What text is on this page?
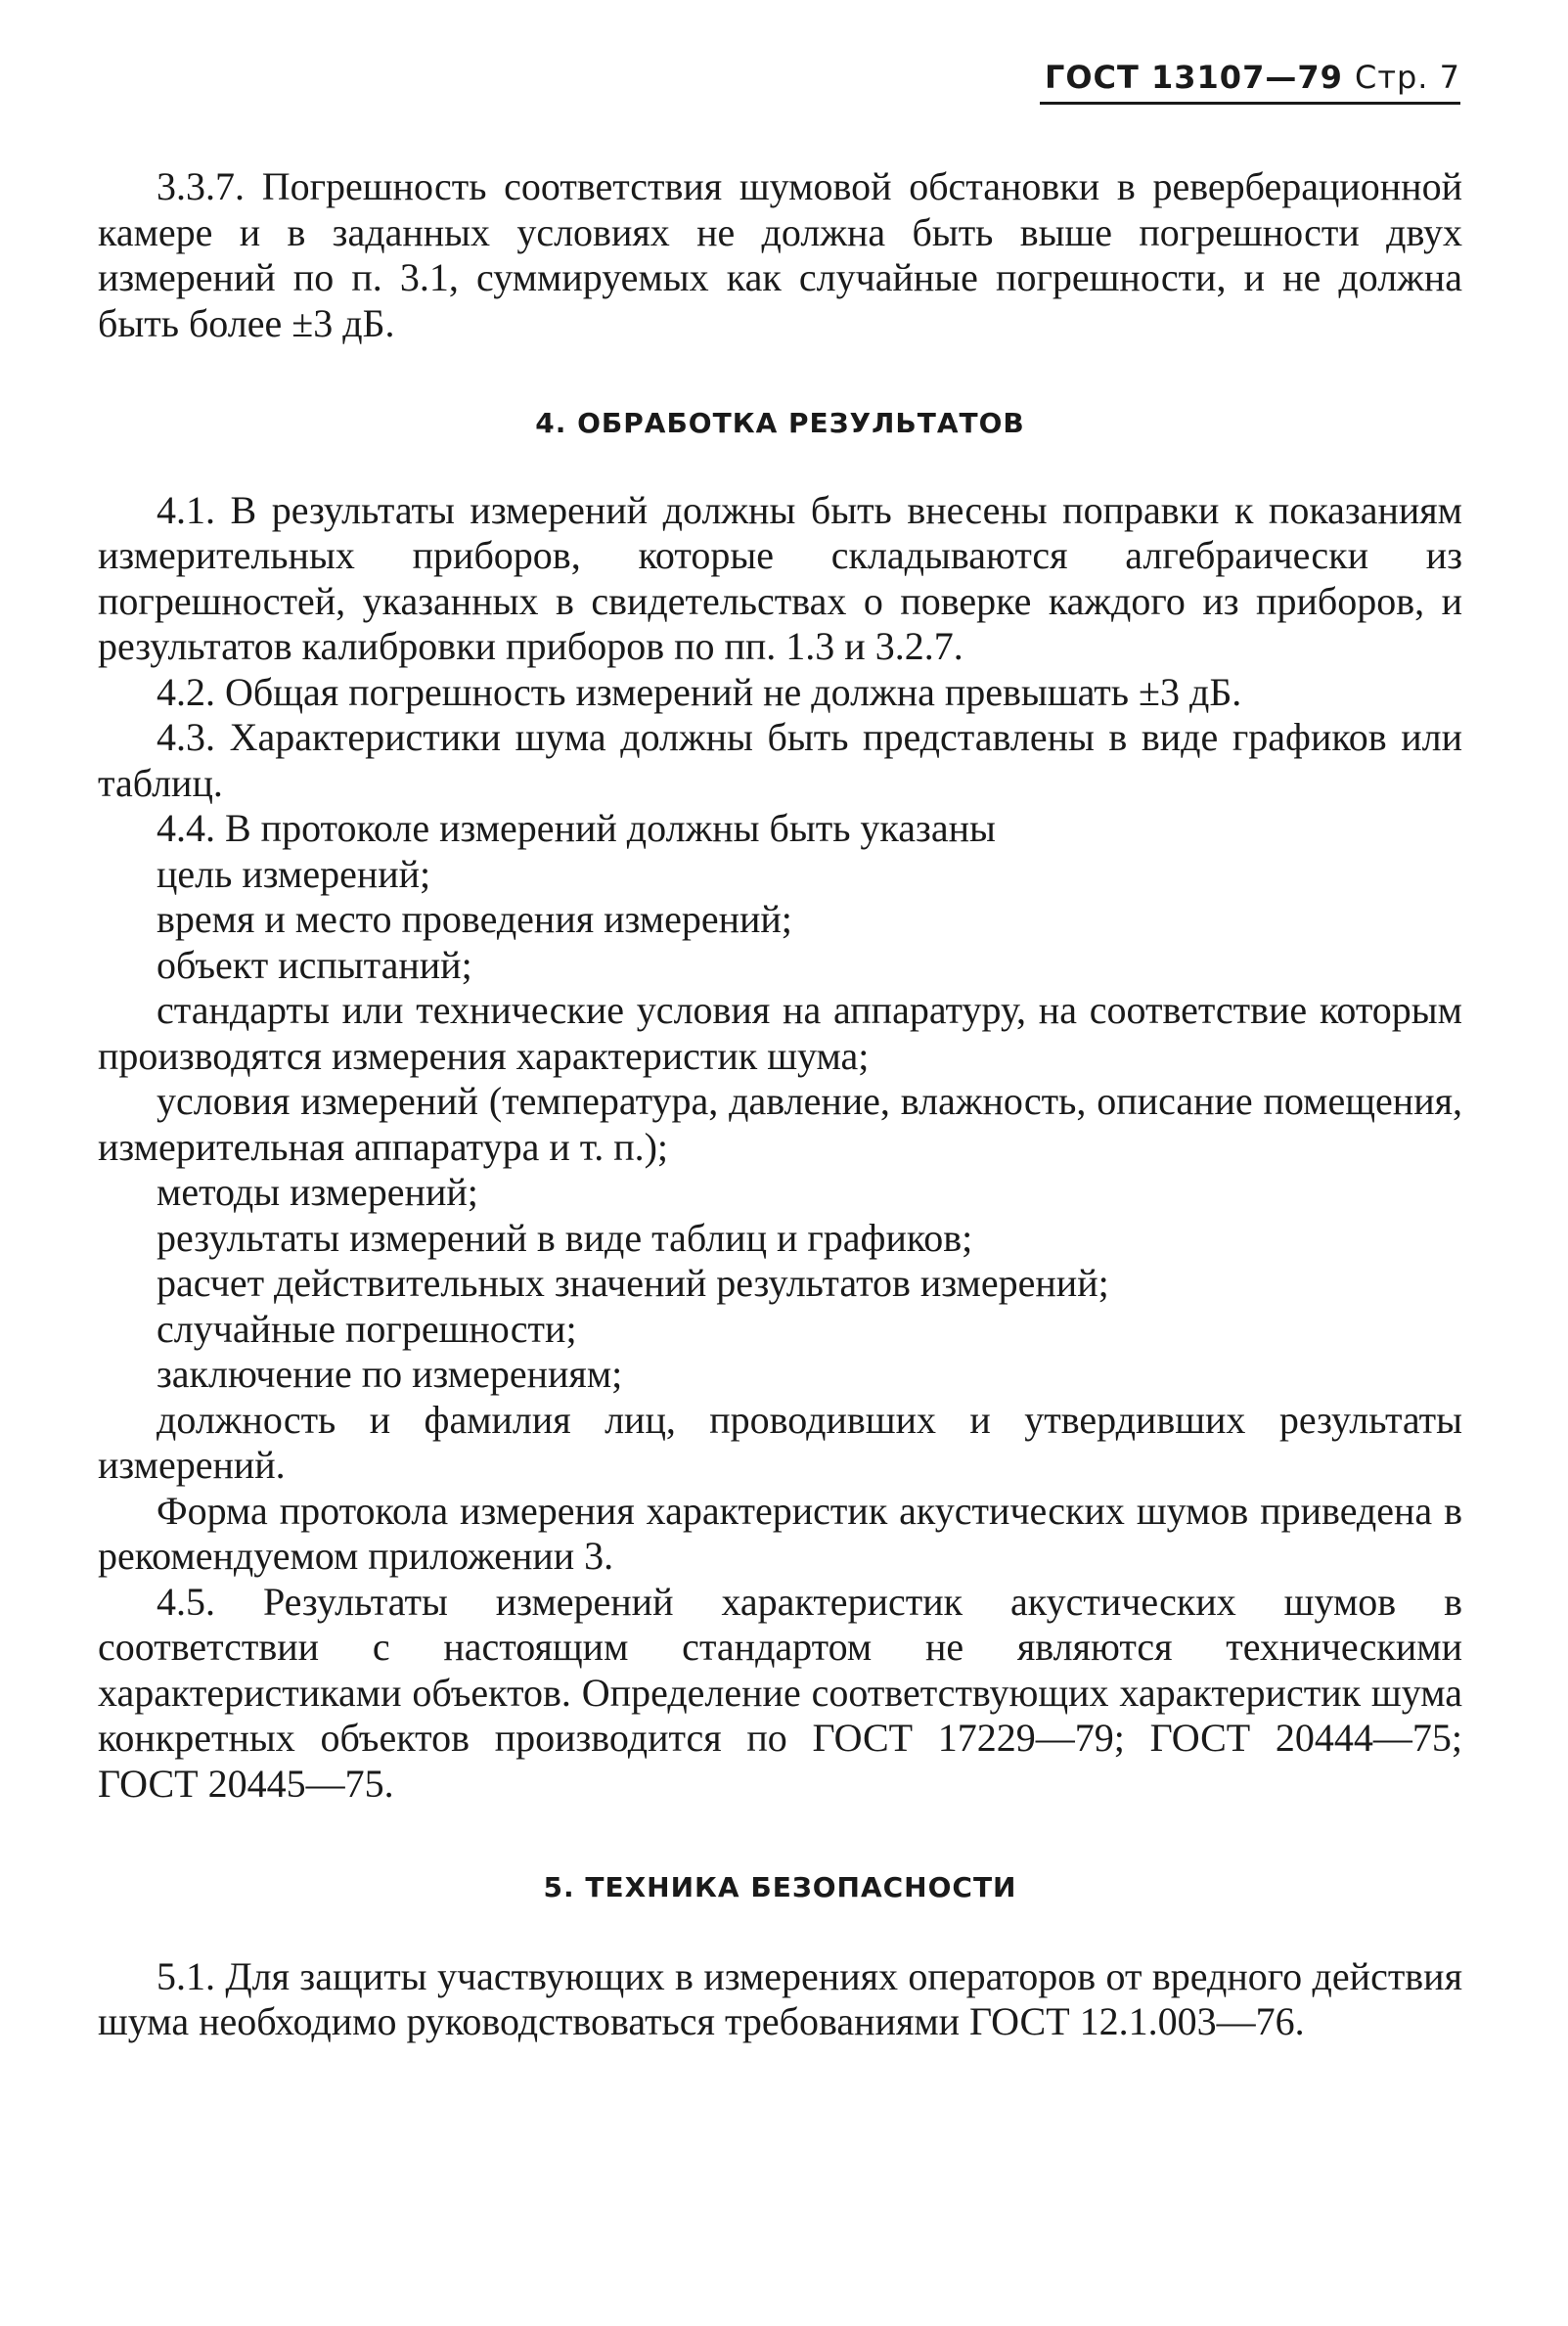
ГОСТ 13107—79 Стр. 7

3.3.7. Погрешность соответствия шумовой обстановки в реверберационной камере и в заданных условиях не должна быть выше погрешности двух измерений по п. 3.1, суммируемых как случайные погрешности, и не должна быть более ±3 дБ.

4. ОБРАБОТКА РЕЗУЛЬТАТОВ

4.1. В результаты измерений должны быть внесены поправки к показаниям измерительных приборов, которые складываются алгебраически из погрешностей, указанных в свидетельствах о поверке каждого из приборов, и результатов калибровки приборов по пп. 1.3 и 3.2.7.

4.2. Общая погрешность измерений не должна превышать ±3 дБ.

4.3. Характеристики шума должны быть представлены в виде графиков или таблиц.

4.4. В протоколе измерений должны быть указаны

цель измерений;

время и место проведения измерений;

объект испытаний;

стандарты или технические условия на аппаратуру, на соответствие которым производятся измерения характеристик шума;

условия измерений (температура, давление, влажность, описание помещения, измерительная аппаратура и т. п.);

методы измерений;

результаты измерений в виде таблиц и графиков;

расчет действительных значений результатов измерений;

случайные погрешности;

заключение по измерениям;

должность и фамилия лиц, проводивших и утвердивших результаты измерений.

Форма протокола измерения характеристик акустических шумов приведена в рекомендуемом приложении 3.

4.5. Результаты измерений характеристик акустических шумов в соответствии с настоящим стандартом не являются техническими характеристиками объектов. Определение соответствующих характеристик шума конкретных объектов производится по ГОСТ 17229—79; ГОСТ 20444—75; ГОСТ 20445—75.

5. ТЕХНИКА БЕЗОПАСНОСТИ

5.1. Для защиты участвующих в измерениях операторов от вредного действия шума необходимо руководствоваться требованиями ГОСТ 12.1.003—76.
